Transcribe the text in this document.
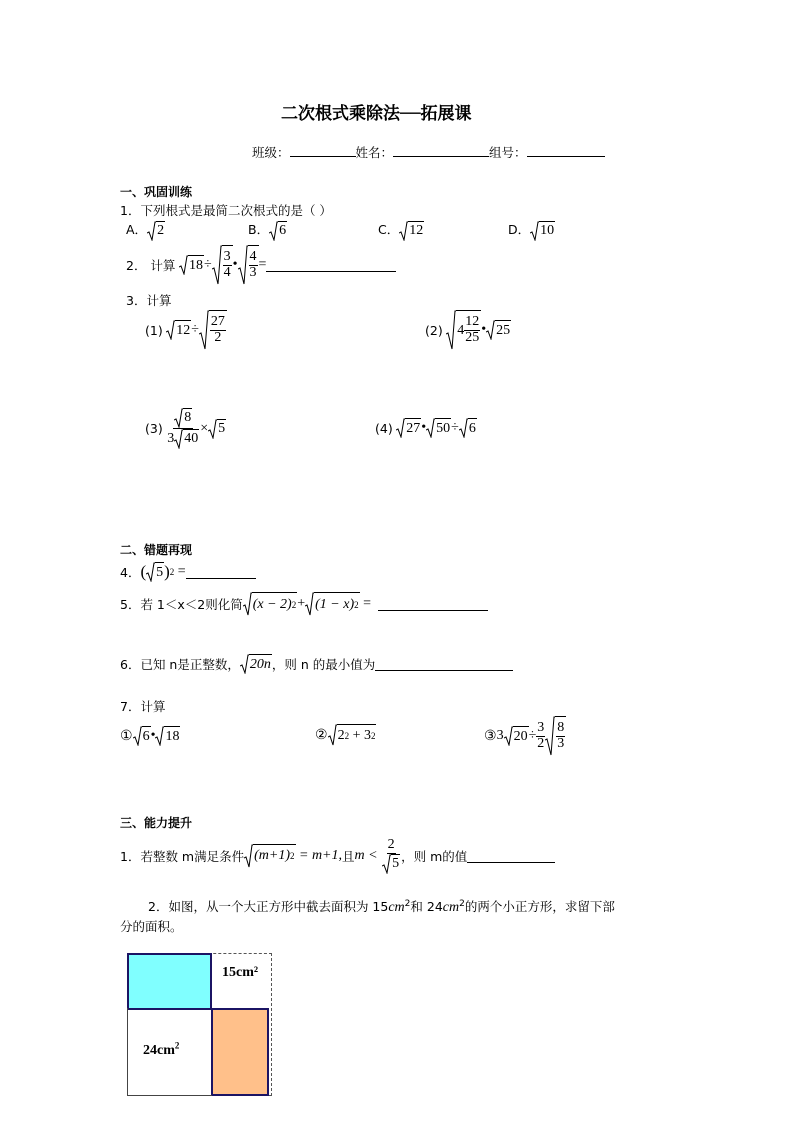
二次根式乘除法──拓展课
班级：	姓名：	组号：
一、巩固训练
1．下列根式是最简二次根式的是（ ）
A． 2	B． 6	C． 12	D． 10
2． 计算
$18 \div \frac{3}{4}$ • $\frac{4}{3}$ =
3．计算
(1)
$12 \div \frac{27}{2}$	(2)
$4 \frac{12}{25}$ • 25
(3)
$\frac{8}{3 40} \times 5$	(4)
27 • 50 ÷ 6
二、错题再现
4． ( 5 ) 2
=
5．若 1＜x＜2则化简 (x − 2) 2 + (1 − x) 2
=

6．已知 n是正整数， 20n ，则 n 的最小值为
7．计算
① 6 • 18	② 2 2
+
3 2	③ 3 $20 \div \frac{3}{2} \frac{8}{3}$
三、能力提升
1．若整数 m满足条件 (m+1) 2
= m+1, 且 m <
$\frac{2}{5}$ ，则 m的值
2．如图，从一个大正方形中截去面积为 $15cm^2$和 $24cm^2$的两个小正方形，求留下部
分的面积。
15cm²
$24cm^2$
